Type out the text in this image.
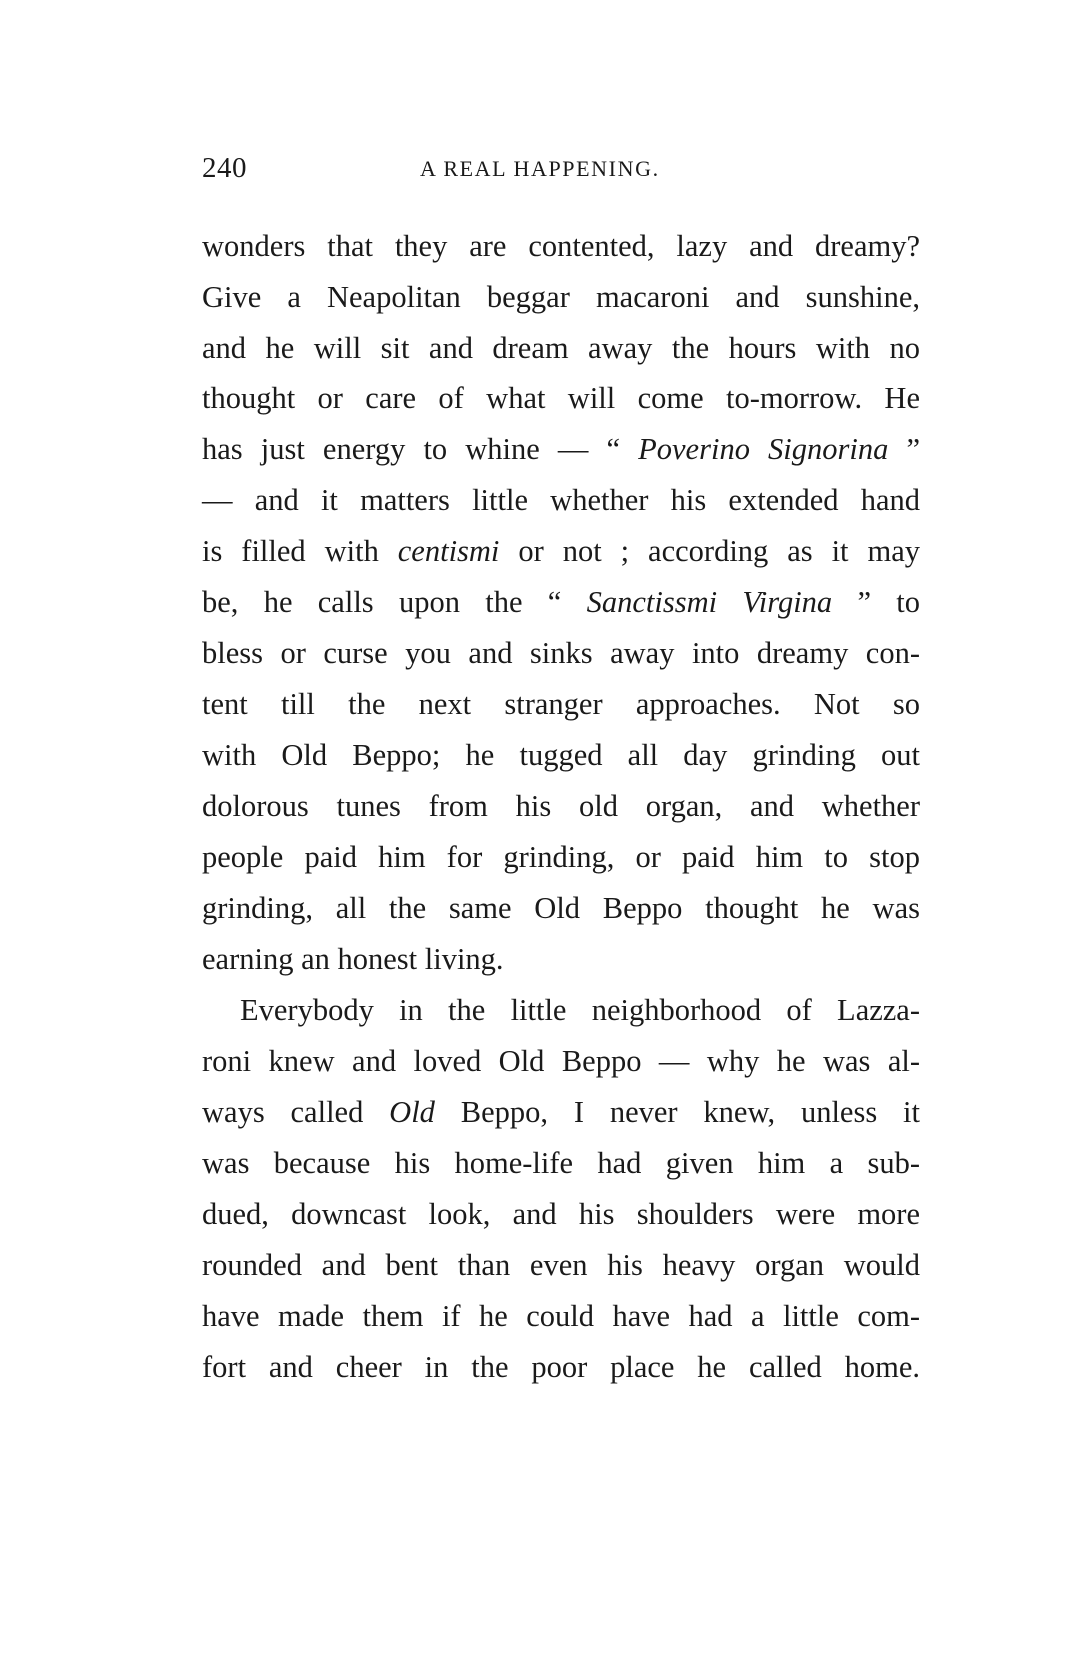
240	A REAL HAPPENING.
wonders that they are contented, lazy and dreamy?
Give a Neapolitan beggar macaroni and sunshine,
and he will sit and dream away the hours with no
thought or care of what will come to-morrow. He
has just energy to whine — “ Poverino Signorina ”
— and it matters little whether his extended hand
is filled with centismi or not ; according as it may
be, he calls upon the “ Sanctissmi Virgina ” to
bless or curse you and sinks away into dreamy con-
tent till the next stranger approaches. Not so
with Old Beppo; he tugged all day grinding out
dolorous tunes from his old organ, and whether
people paid him for grinding, or paid him to stop
grinding, all the same Old Beppo thought he was
earning an honest living.
Everybody in the little neighborhood of Lazza-
roni knew and loved Old Beppo — why he was al-
ways called Old Beppo, I never knew, unless it
was because his home-life had given him a sub-
dued, downcast look, and his shoulders were more
rounded and bent than even his heavy organ would
have made them if he could have had a little com-
fort and cheer in the poor place he called home.
